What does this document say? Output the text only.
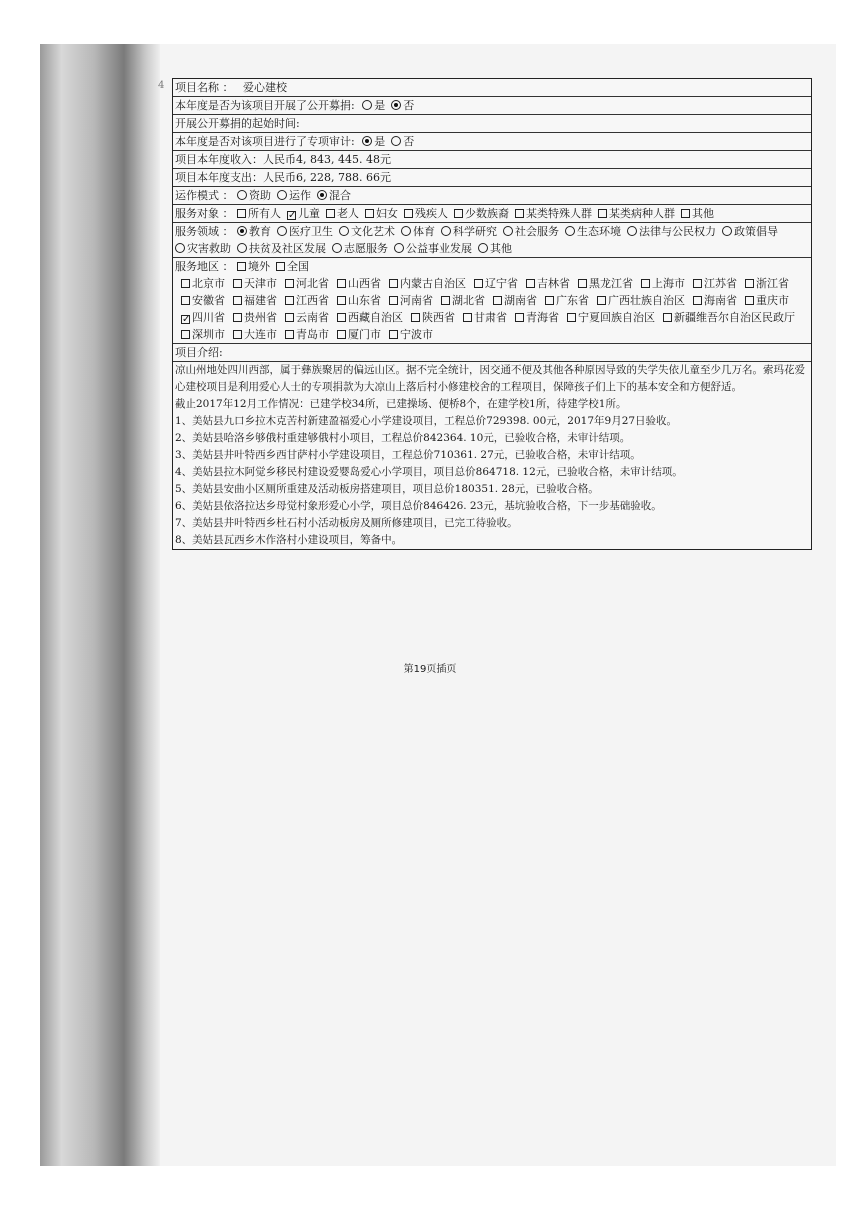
4 项目名称 ： 爱心建校
本年度是否为该项目开展了公开募捐: 是 否
开展公开募捐的起始时间:
本年度是否对该项目进行了专项审计: 是 否
项目本年度收入：人民币4, 843, 445. 48元
项目本年度支出：人民币6, 228, 788. 66元
运作模式 ： 资助 运作 混合
服务对象 ： 所有人 ✓ 儿童 老人 妇女 残疾人 少数族裔 某类特殊人群 某类病种人群 其他
服务领域 ： 教育 医疗卫生 文化艺术 体育 科学研究 社会服务 生态环境 法律与公民权力 政策倡导灾害救助 扶贫及社区发展 志愿服务 公益事业发展 其他
服务地区 ： 境外 全国
北京市 天津市 河北省 山西省 内蒙古自治区 辽宁省 吉林省 黑龙江省 上海市 江苏省 浙江省安徽省 福建省 江西省 山东省 河南省 湖北省 湖南省 广东省 广西壮族自治区 海南省 重庆市✓ 四川省 贵州省 云南省 西藏自治区 陕西省 甘肃省 青海省 宁夏回族自治区 新疆维吾尔自治区民政厅深圳市 大连市 青岛市 厦门市 宁波市
项目介绍:

凉山州地处四川西部，属于彝族聚居的偏远山区。据不完全统计，因交通不便及其他各种原因导致的失学失依儿童至少几万名。索玛花爱心建校项目是利用爱心人士的专项捐款为大凉山上落后村小修建校舍的工程项目，保障孩子们上下的基本安全和方便舒适。

截止2017年12月工作情况：已建学校34所，已建操场、便桥8个，在建学校1所，待建学校1所。

1、美姑县九口乡拉木克苦村新建盈福爱心小学建设项目，工程总价729398. 00元，2017年9月27日验收。

2、美姑县哈洛乡够俄村重建够俄村小项目，工程总价842364. 10元，已验收合格，未审计结项。

3、美姑县井叶特西乡西甘萨村小学建设项目，工程总价710361. 27元，已验收合格，未审计结项。

4、美姑县拉木阿觉乡移民村建设爱婴岛爱心小学项目，项目总价864718. 12元，已验收合格，未审计结项。

5、美姑县安曲小区厕所重建及活动板房搭建项目，项目总价180351. 28元，已验收合格。

6、美姑县依洛拉达乡母觉村象形爱心小学，项目总价846426. 23元，基坑验收合格，下一步基础验收。

7、美姑县井叶特西乡杜石村小活动板房及厕所修建项目，已完工待验收。

8、美姑县瓦西乡木作洛村小建设项目，筹备中。

第19页插页
